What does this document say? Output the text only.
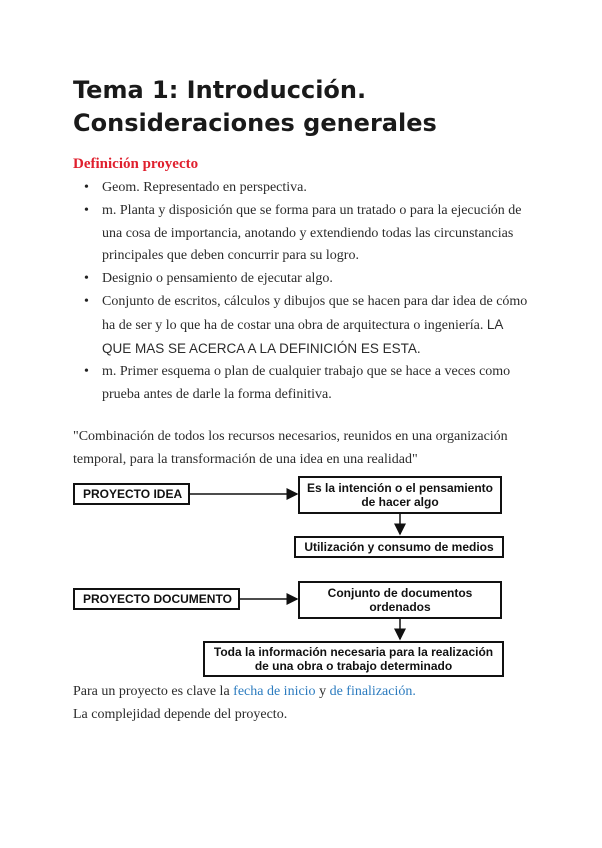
Tema 1: Introducción. Consideraciones generales
Definición proyecto
• Geom. Representado en perspectiva.
• m. Planta y disposición que se forma para un tratado o para la ejecución de una cosa de importancia, anotando y extendiendo todas las circunstancias principales que deben concurrir para su logro.
• Designio o pensamiento de ejecutar algo.
• Conjunto de escritos, cálculos y dibujos que se hacen para dar idea de cómo ha de ser y lo que ha de costar una obra de arquitectura o ingeniería. LA QUE MAS SE ACERCA A LA DEFINICIÓN ES ESTA.
• m. Primer esquema o plan de cualquier trabajo que se hace a veces como prueba antes de darle la forma definitiva.
"Combinación de todos los recursos necesarios, reunidos en una organización temporal, para la transformación de una idea en una realidad"
PROYECTO IDEA	Es la intención o el pensamiento de hacer algo
Utilización y consumo de medios
PROYECTO DOCUMENTO	Conjunto de documentos ordenados
Toda la información necesaria para la realización de una obra o trabajo determinado
Para un proyecto es clave la fecha de inicio y de finalización.
La complejidad depende del proyecto.
